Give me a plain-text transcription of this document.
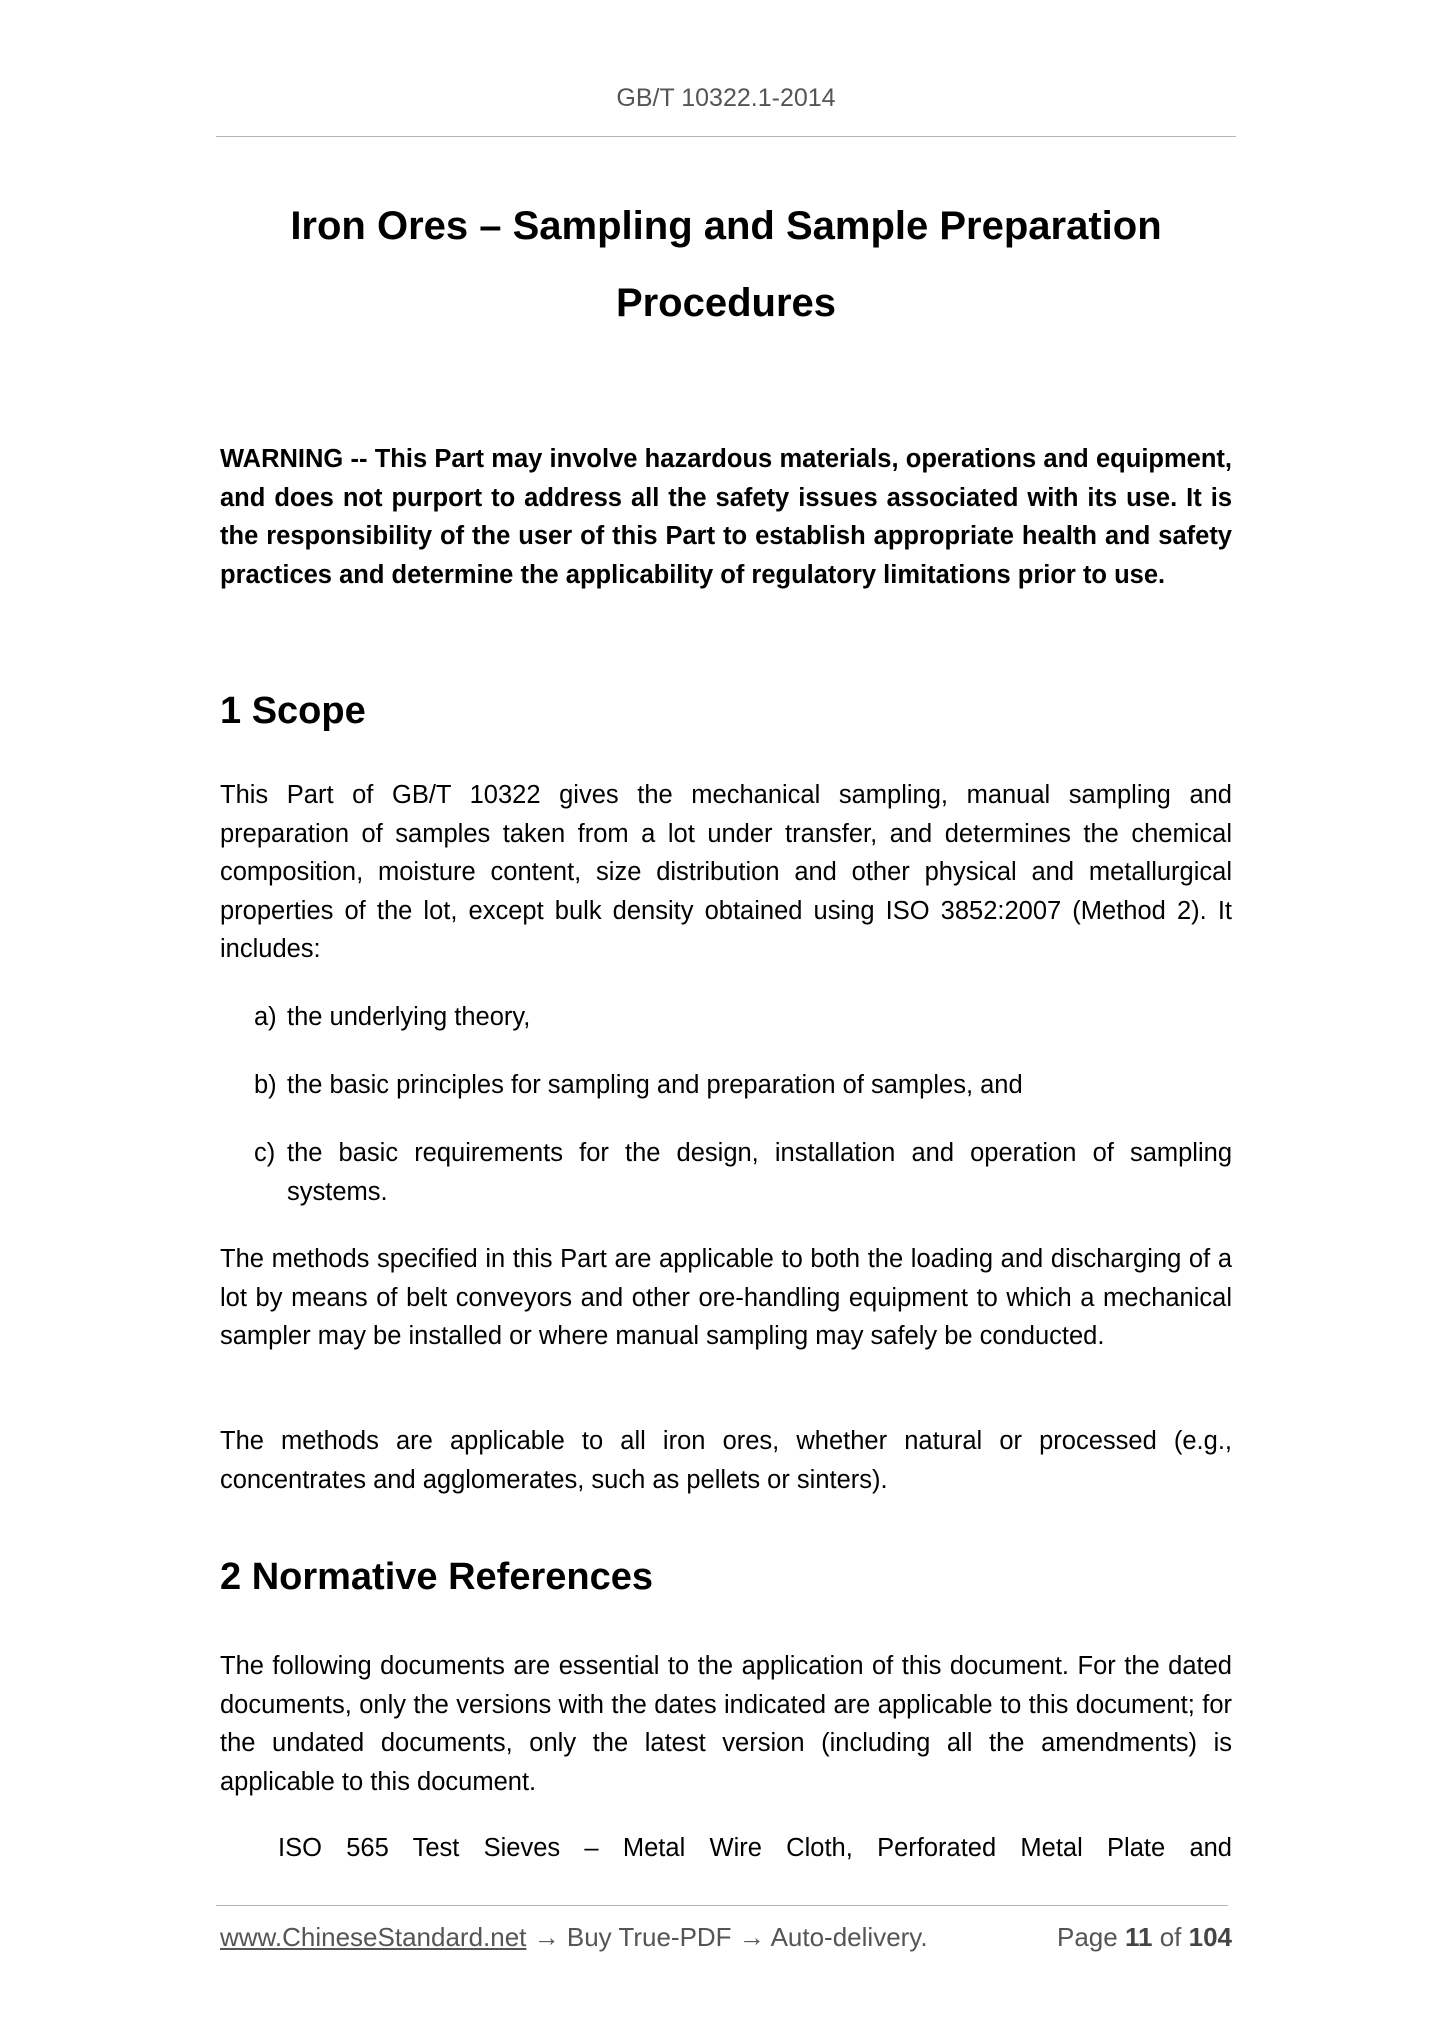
GB/T 10322.1-2014
Iron Ores – Sampling and Sample Preparation
Procedures

WARNING -- This Part may involve hazardous materials, operations and equipment, and does not purport to address all the safety issues associated with its use. It is the responsibility of the user of this Part to establish appropriate health and safety practices and determine the applicability of regulatory limitations prior to use.

1 Scope

This Part of GB/T 10322 gives the mechanical sampling, manual sampling and preparation of samples taken from a lot under transfer, and determines the chemical composition, moisture content, size distribution and other physical and metallurgical properties of the lot, except bulk density obtained using ISO 3852:2007 (Method 2). It includes:

a) the underlying theory,
b) the basic principles for sampling and preparation of samples, and
c) the basic requirements for the design, installation and operation of sampling systems.

The methods specified in this Part are applicable to both the loading and discharging of a lot by means of belt conveyors and other ore-handling equipment to which a mechanical sampler may be installed or where manual sampling may safely be conducted.

The methods are applicable to all iron ores, whether natural or processed (e.g., concentrates and agglomerates, such as pellets or sinters).

2 Normative References

The following documents are essential to the application of this document. For the dated documents, only the versions with the dates indicated are applicable to this document; for the undated documents, only the latest version (including all the amendments) is applicable to this document.

ISO 565 Test Sieves – Metal Wire Cloth, Perforated Metal Plate and
www.ChineseStandard.net → Buy True-PDF → Auto-delivery.	Page 11 of 104
